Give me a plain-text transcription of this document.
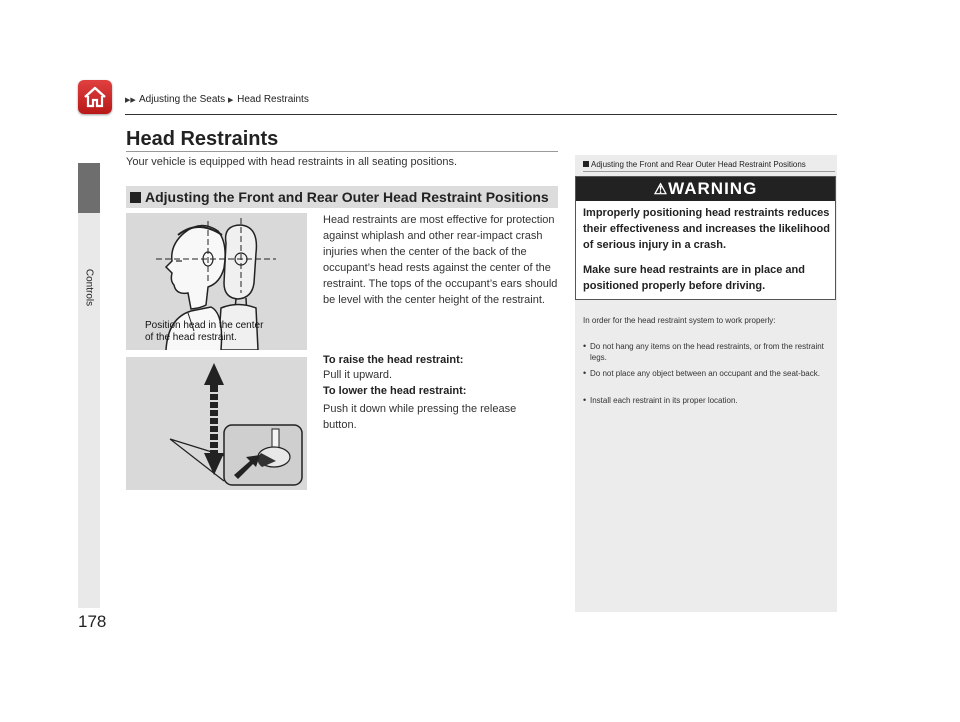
▶▶ Adjusting the Seats ▶ Head Restraints
Controls
178
Head Restraints
Your vehicle is equipped with head restraints in all seating positions.
Adjusting the Front and Rear Outer Head Restraint Positions
Position head in the center
of the head restraint.
Head restraints are most effective for protection against whiplash and other rear-impact crash injuries when the center of the back of the occupant’s head rests against the center of the restraint. The tops of the occupant’s ears should be level with the center height of the restraint.
To raise the head restraint:
Pull it upward.
To lower the head restraint:
Push it down while pressing the release button.
Adjusting the Front and Rear Outer Head Restraint Positions
⚠WARNING
Improperly positioning head restraints reduces their effectiveness and increases the likelihood of serious injury in a crash.
Make sure head restraints are in place and positioned properly before driving.
In order for the head restraint system to work properly:
• Do not hang any items on the head restraints, or from the restraint legs.
• Do not place any object between an occupant and the seat-back.
• Install each restraint in its proper location.
